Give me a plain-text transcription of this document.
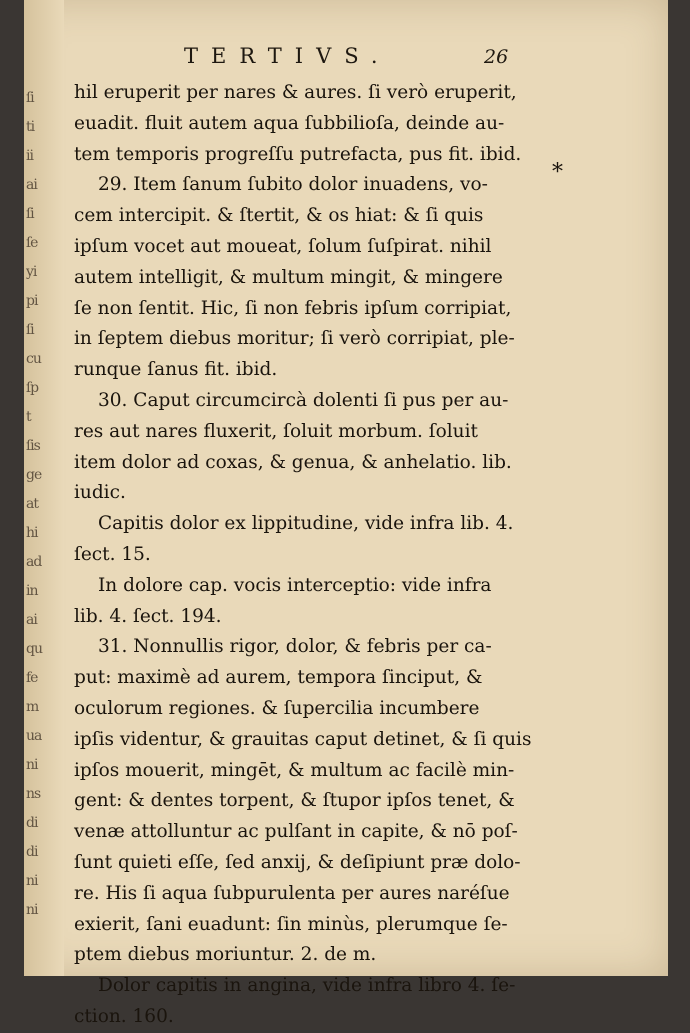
ſi
ti
ii
ai
ſi
ſe
yi
pi
ſi
cu
ſp
t
ſis
ge
at
hi
ad
in
ai
qu
fe
m
ua
ni
ns
di
di
ni
ni
TERTIVS.	26
*
hil eruperit per nares & aures. ſi verò eruperit,
euadit. fluit autem aqua ſubbilioſa, deinde au-
tem temporis progreſſu putrefacta, pus fit. ibid.
29. Item ſanum ſubito dolor inuadens, vo-
cem intercipit. & ſtertit, & os hiat: & ſi quis
ipſum vocet aut moueat, ſolum ſuſpirat. nihil
autem intelligit, & multum mingit, & mingere
ſe non ſentit. Hic, ſi non febris ipſum corripiat,
in ſeptem diebus moritur; ſi verò corripiat, ple-
runque ſanus fit. ibid.
30. Caput circumcircà dolenti ſi pus per au-
res aut nares fluxerit, ſoluit morbum. ſoluit
item dolor ad coxas, & genua, & anhelatio. lib.
iudic.
Capitis dolor ex lippitudine, vide infra lib. 4.
ſect. 15.
In dolore cap. vocis interceptio: vide infra
lib. 4. ſect. 194.
31. Nonnullis rigor, dolor, & febris per ca-
put: maximè ad aurem, tempora ſinciput, &
oculorum regiones. & ſupercilia incumbere
ipſis videntur, & grauitas caput detinet, & ſi quis
ipſos mouerit, mingēt, & multum ac facilè min-
gent: & dentes torpent, & ſtupor ipſos tenet, &
venæ attolluntur ac pulſant in capite, & nō poſ-
ſunt quieti eſſe, ſed anxij, & deſipiunt præ dolo-
re. His ſi aqua ſubpurulenta per aures naréſue
exierit, ſani euadunt: ſin minùs, plerumque ſe-
ptem diebus moriuntur. 2. de m.
Dolor capitis in angina, vide infra libro 4. ſe-
ction. 160.
